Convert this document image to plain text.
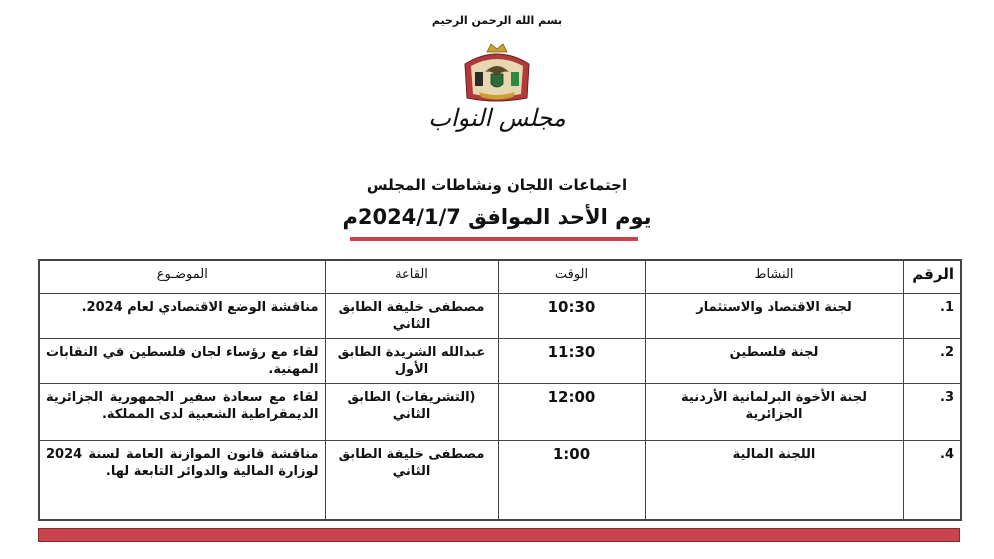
بسم الله الرحمن الرحيم
مجلس النواب
اجتماعات اللجان ونشاطات المجلس
يوم الأحد الموافق 2024/1/7م
الرقم	النشاط	الوقت	القاعة	الموضـوع
1.	لجنة الاقتصاد والاستثمار	10:30	مصطفى خليفة الطابق الثاني	مناقشة الوضع الاقتصادي لعام 2024.
2.	لجنة فلسطين	11:30	عبدالله الشريدة الطابق الأول	لقاء مع رؤساء لجان فلسطين في النقابات المهنية.
3.	لجنة الأخوة البرلمانية الأردنية الجزائرية	12:00	(التشريفات) الطابق الثاني	لقاء مع سعادة سفير الجمهورية الجزائرية الديمقراطية الشعبية لدى المملكة.
4.	اللجنة المالية	1:00	مصطفى خليفة الطابق الثاني	مناقشة قانون الموازنة العامة لسنة 2024 لوزارة المالية والدوائر التابعة لها.
